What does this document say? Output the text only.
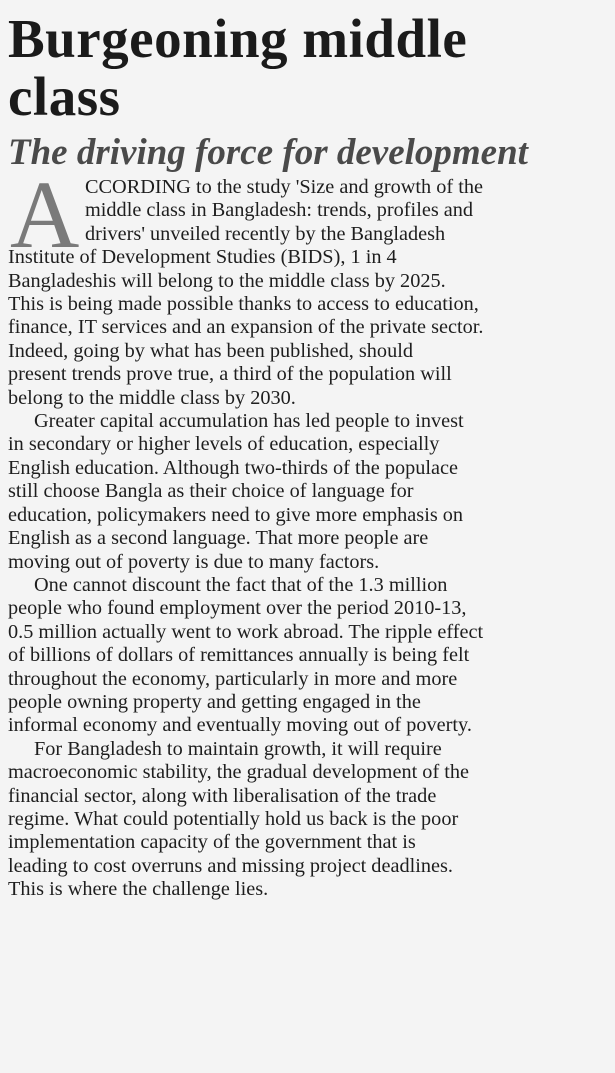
Burgeoning middle
class
The driving force for development
A CCORDING to the study 'Size and growth of the
middle class in Bangladesh: trends, profiles and
drivers' unveiled recently by the Bangladesh
Institute of Development Studies (BIDS), 1 in 4
Bangladeshis will belong to the middle class by 2025.
This is being made possible thanks to access to education,
finance, IT services and an expansion of the private sector.
Indeed, going by what has been published, should
present trends prove true, a third of the population will
belong to the middle class by 2030.
Greater capital accumulation has led people to invest
in secondary or higher levels of education, especially
English education. Although two-thirds of the populace
still choose Bangla as their choice of language for
education, policymakers need to give more emphasis on
English as a second language. That more people are
moving out of poverty is due to many factors.
One cannot discount the fact that of the 1.3 million
people who found employment over the period 2010-13,
0.5 million actually went to work abroad. The ripple effect
of billions of dollars of remittances annually is being felt
throughout the economy, particularly in more and more
people owning property and getting engaged in the
informal economy and eventually moving out of poverty.
For Bangladesh to maintain growth, it will require
macroeconomic stability, the gradual development of the
financial sector, along with liberalisation of the trade
regime. What could potentially hold us back is the poor
implementation capacity of the government that is
leading to cost overruns and missing project deadlines.
This is where the challenge lies.
